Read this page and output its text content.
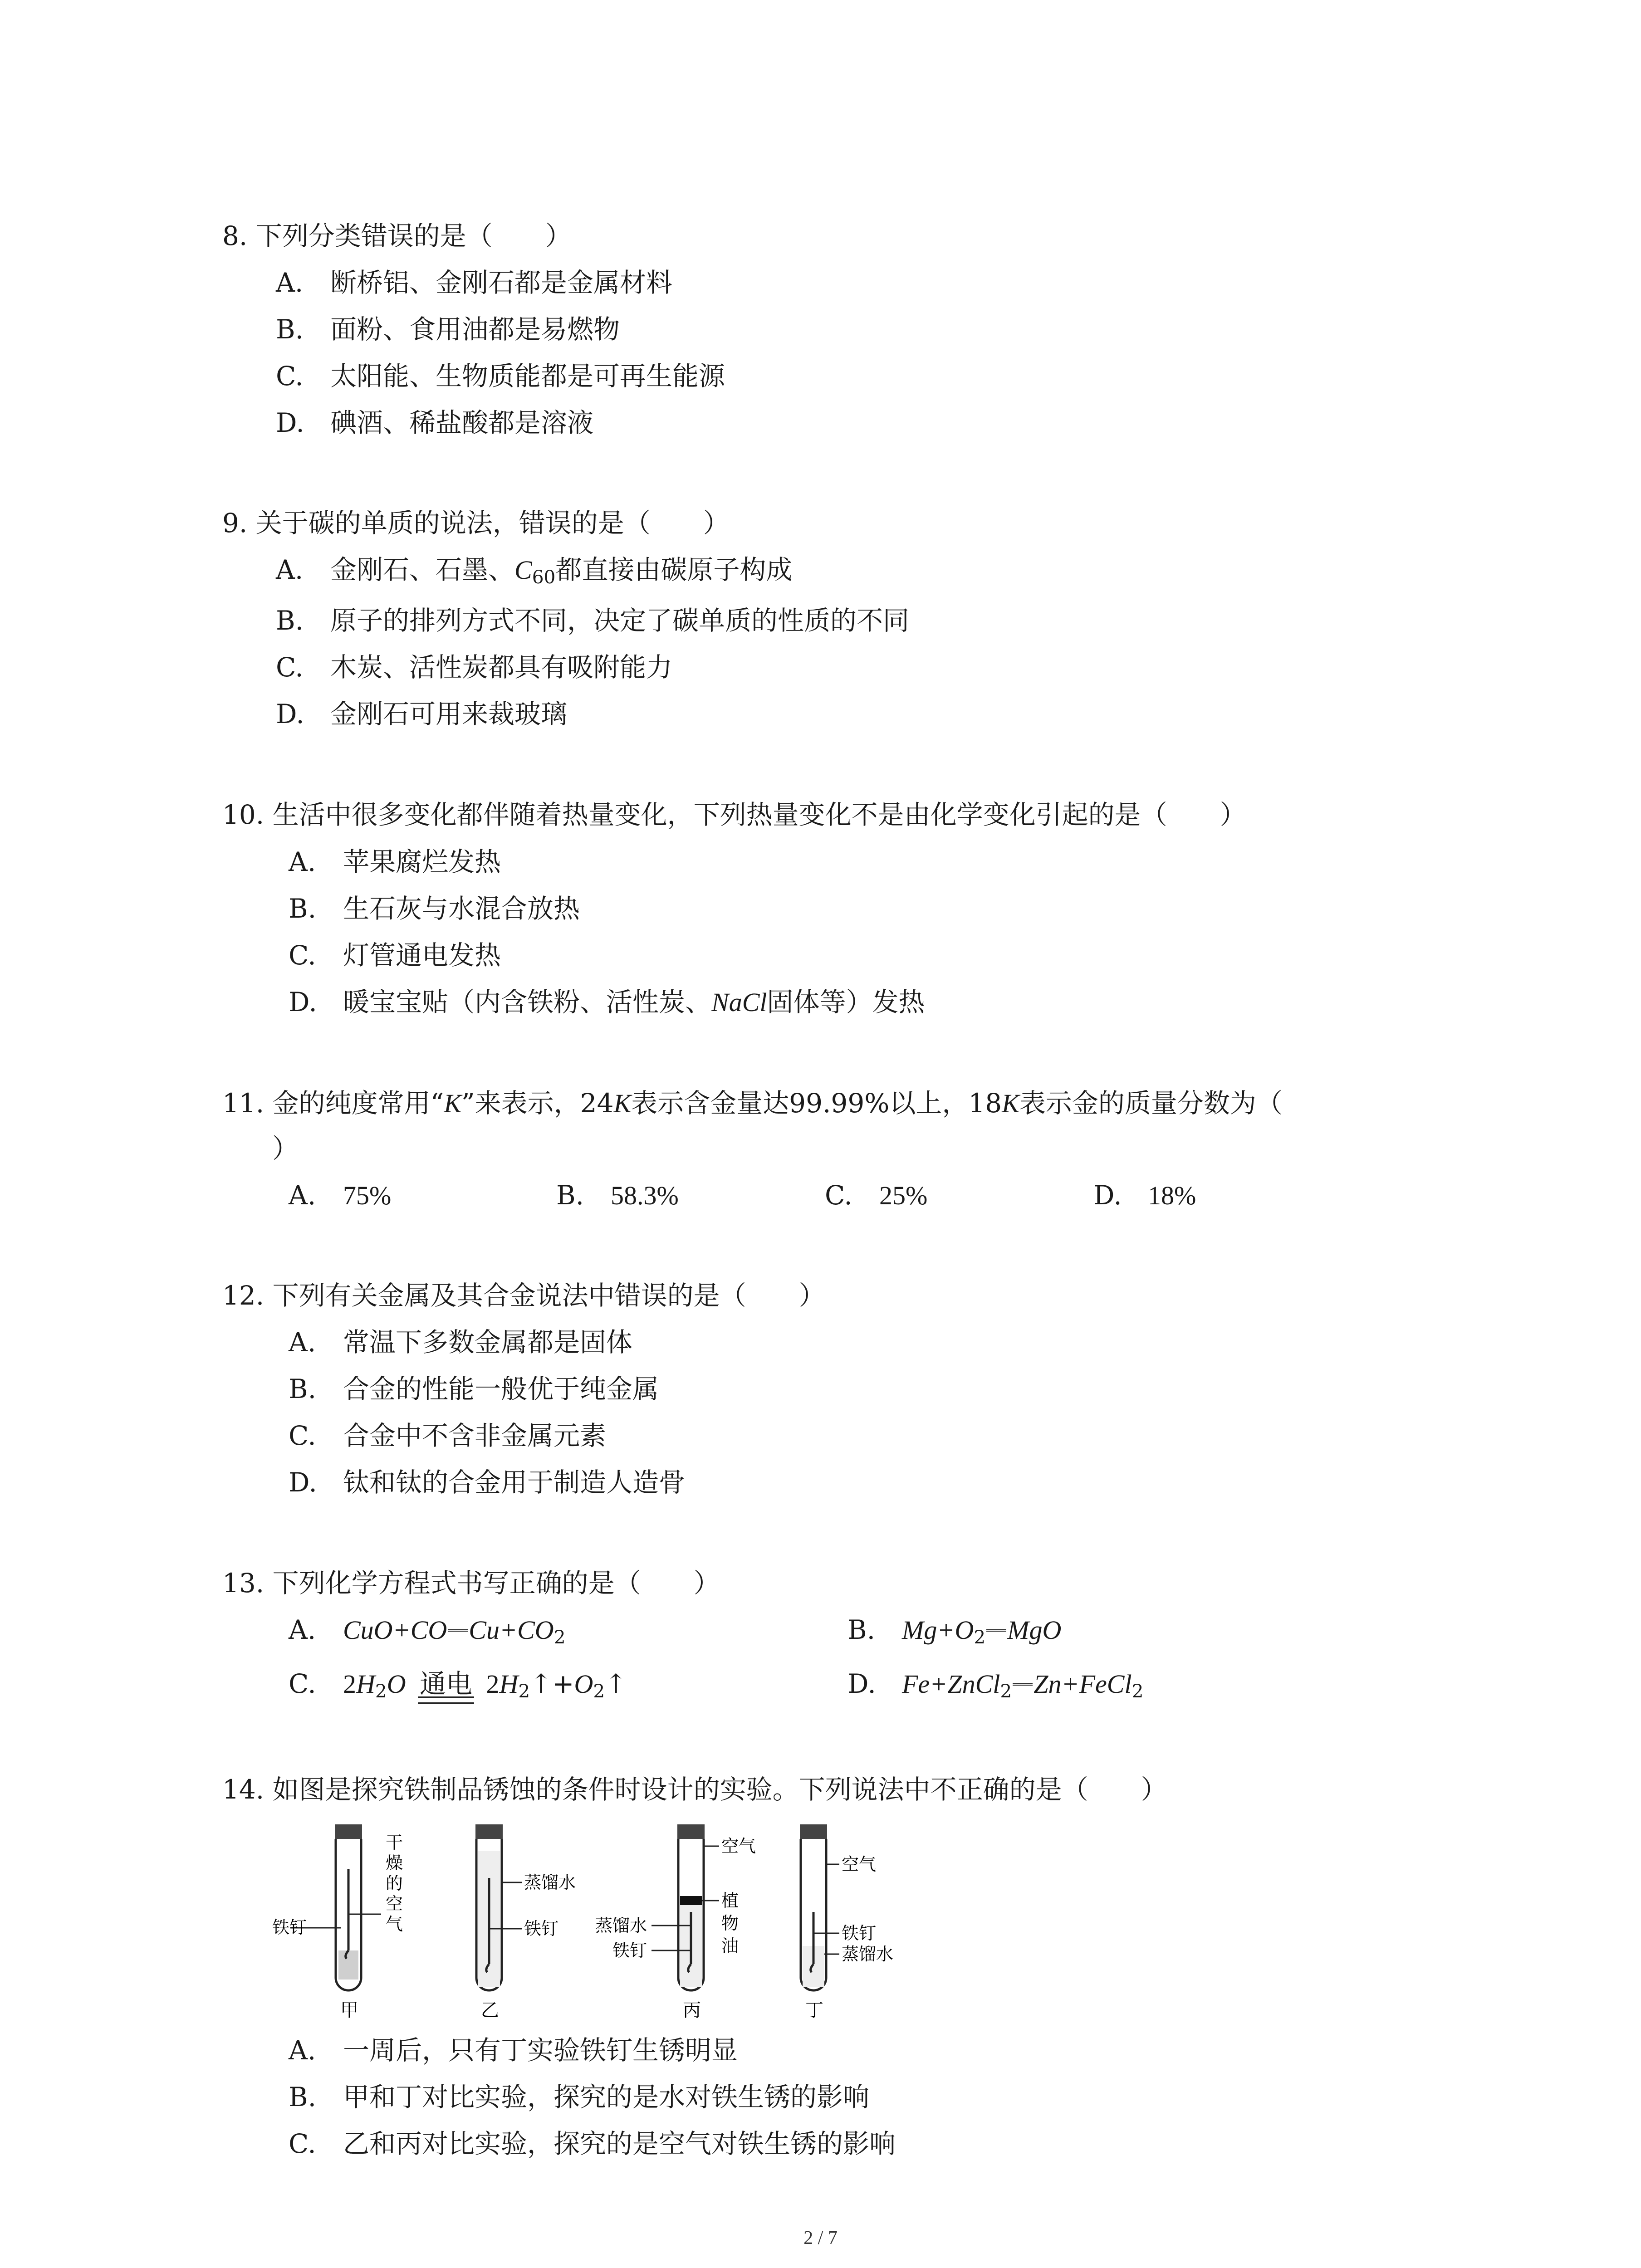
8. 下列分类错误的是（　　）
A. 断桥铝、金刚石都是金属材料
B. 面粉、食用油都是易燃物
C. 太阳能、生物质能都是可再生能源
D. 碘酒、稀盐酸都是溶液
9. 关于碳的单质的说法，错误的是（　　）
A. 金刚石、石墨、$C_{60}$都直接由碳原子构成
B. 原子的排列方式不同，决定了碳单质的性质的不同
C. 木炭、活性炭都具有吸附能力
D. 金刚石可用来裁玻璃
10. 生活中很多变化都伴随着热量变化，下列热量变化不是由化学变化引起的是（　　）
A. 苹果腐烂发热
B. 生石灰与水混合放热
C. 灯管通电发热
D. 暖宝宝贴（内含铁粉、活性炭、NaCl固体等）发热
11. 金的纯度常用“K”来表示，24K表示含金量达99.99%以上，18K表示金的质量分数为（
）
A. 75%	B. 58.3%	C. 25%	D. 18%
12. 下列有关金属及其合金说法中错误的是（　　）
A. 常温下多数金属都是固体
B. 合金的性能一般优于纯金属
C. 合金中不含非金属元素
D. 钛和钛的合金用于制造人造骨
13. 下列化学方程式书写正确的是（　　）
A. CuO+CO $Cu+CO_2$	B. $Mg+O_2$ MgO
C. $2H_2O$ 通电 $2H_2↑+O_2↑$	D. Fe+ZnCl$_2$ Zn+FeCl$_2$
14. 如图是探究铁制品锈蚀的条件时设计的实验。下列说法中不正确的是（　　）
铁钉
干
燥
的
空
气
甲
蒸馏水
铁钉
乙
空气
植
物
油
蒸馏水
铁钉
丙
空气
铁钉
蒸馏水
丁
A. 一周后，只有丁实验铁钉生锈明显
B. 甲和丁对比实验，探究的是水对铁生锈的影响
C. 乙和丙对比实验，探究的是空气对铁生锈的影响
2 / 7
